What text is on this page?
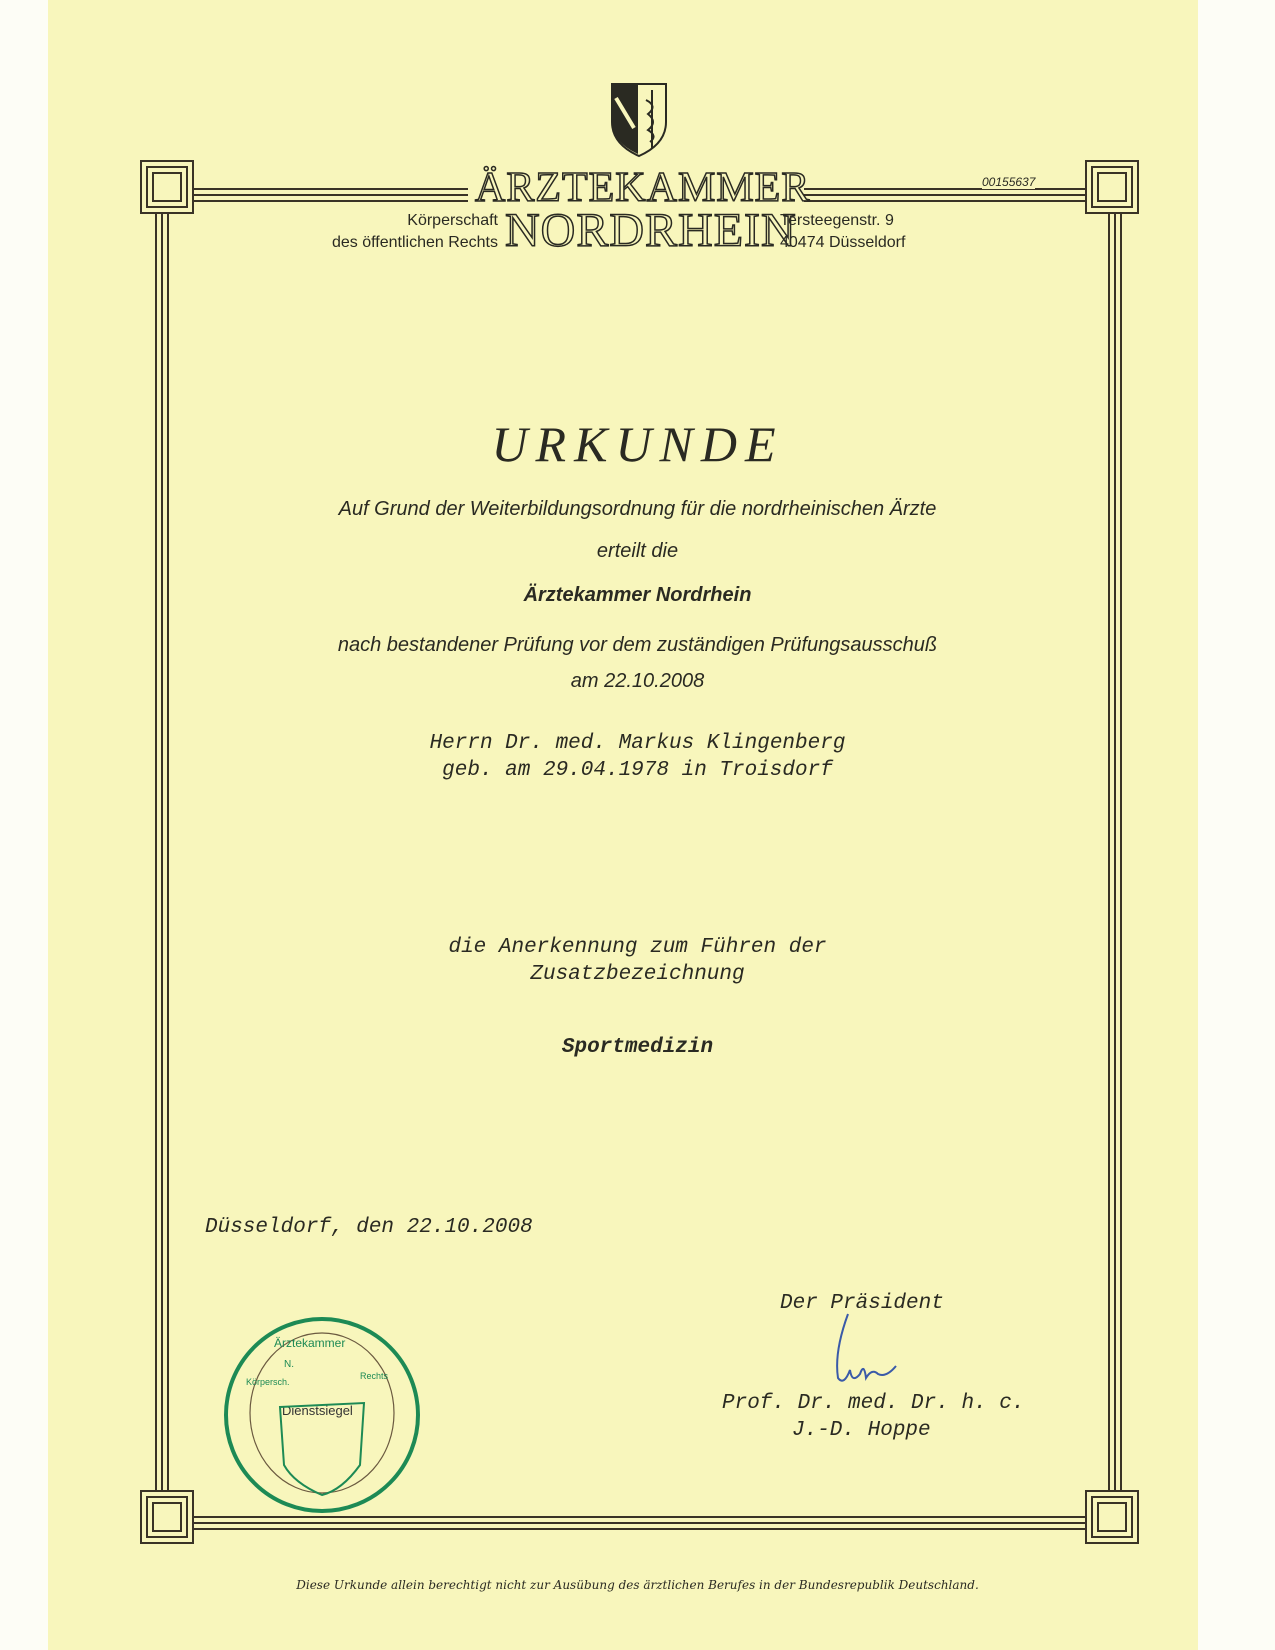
ÄRZTEKAMMER
NORDRHEIN
Körperschaft
des öffentlichen Rechts
Tersteegenstr. 9
40474 Düsseldorf
00155637
URKUNDE
Auf Grund der Weiterbildungsordnung für die nordrheinischen Ärzte
erteilt die
Ärztekammer Nordrhein
nach bestandener Prüfung vor dem zuständigen Prüfungsausschuß
am 22.10.2008
Herrn Dr. med. Markus Klingenberg
geb. am 29.04.1978 in Troisdorf
die Anerkennung zum Führen der
Zusatzbezeichnung
Sportmedizin
Düsseldorf, den 22.10.2008
Der Präsident
Prof. Dr. med. Dr. h. c.
J.-D. Hoppe
Ärztekammer
N.
Körpersch.
Rechts
Dienstsiegel
Diese Urkunde allein berechtigt nicht zur Ausübung des ärztlichen Berufes in der Bundesrepublik Deutschland.
